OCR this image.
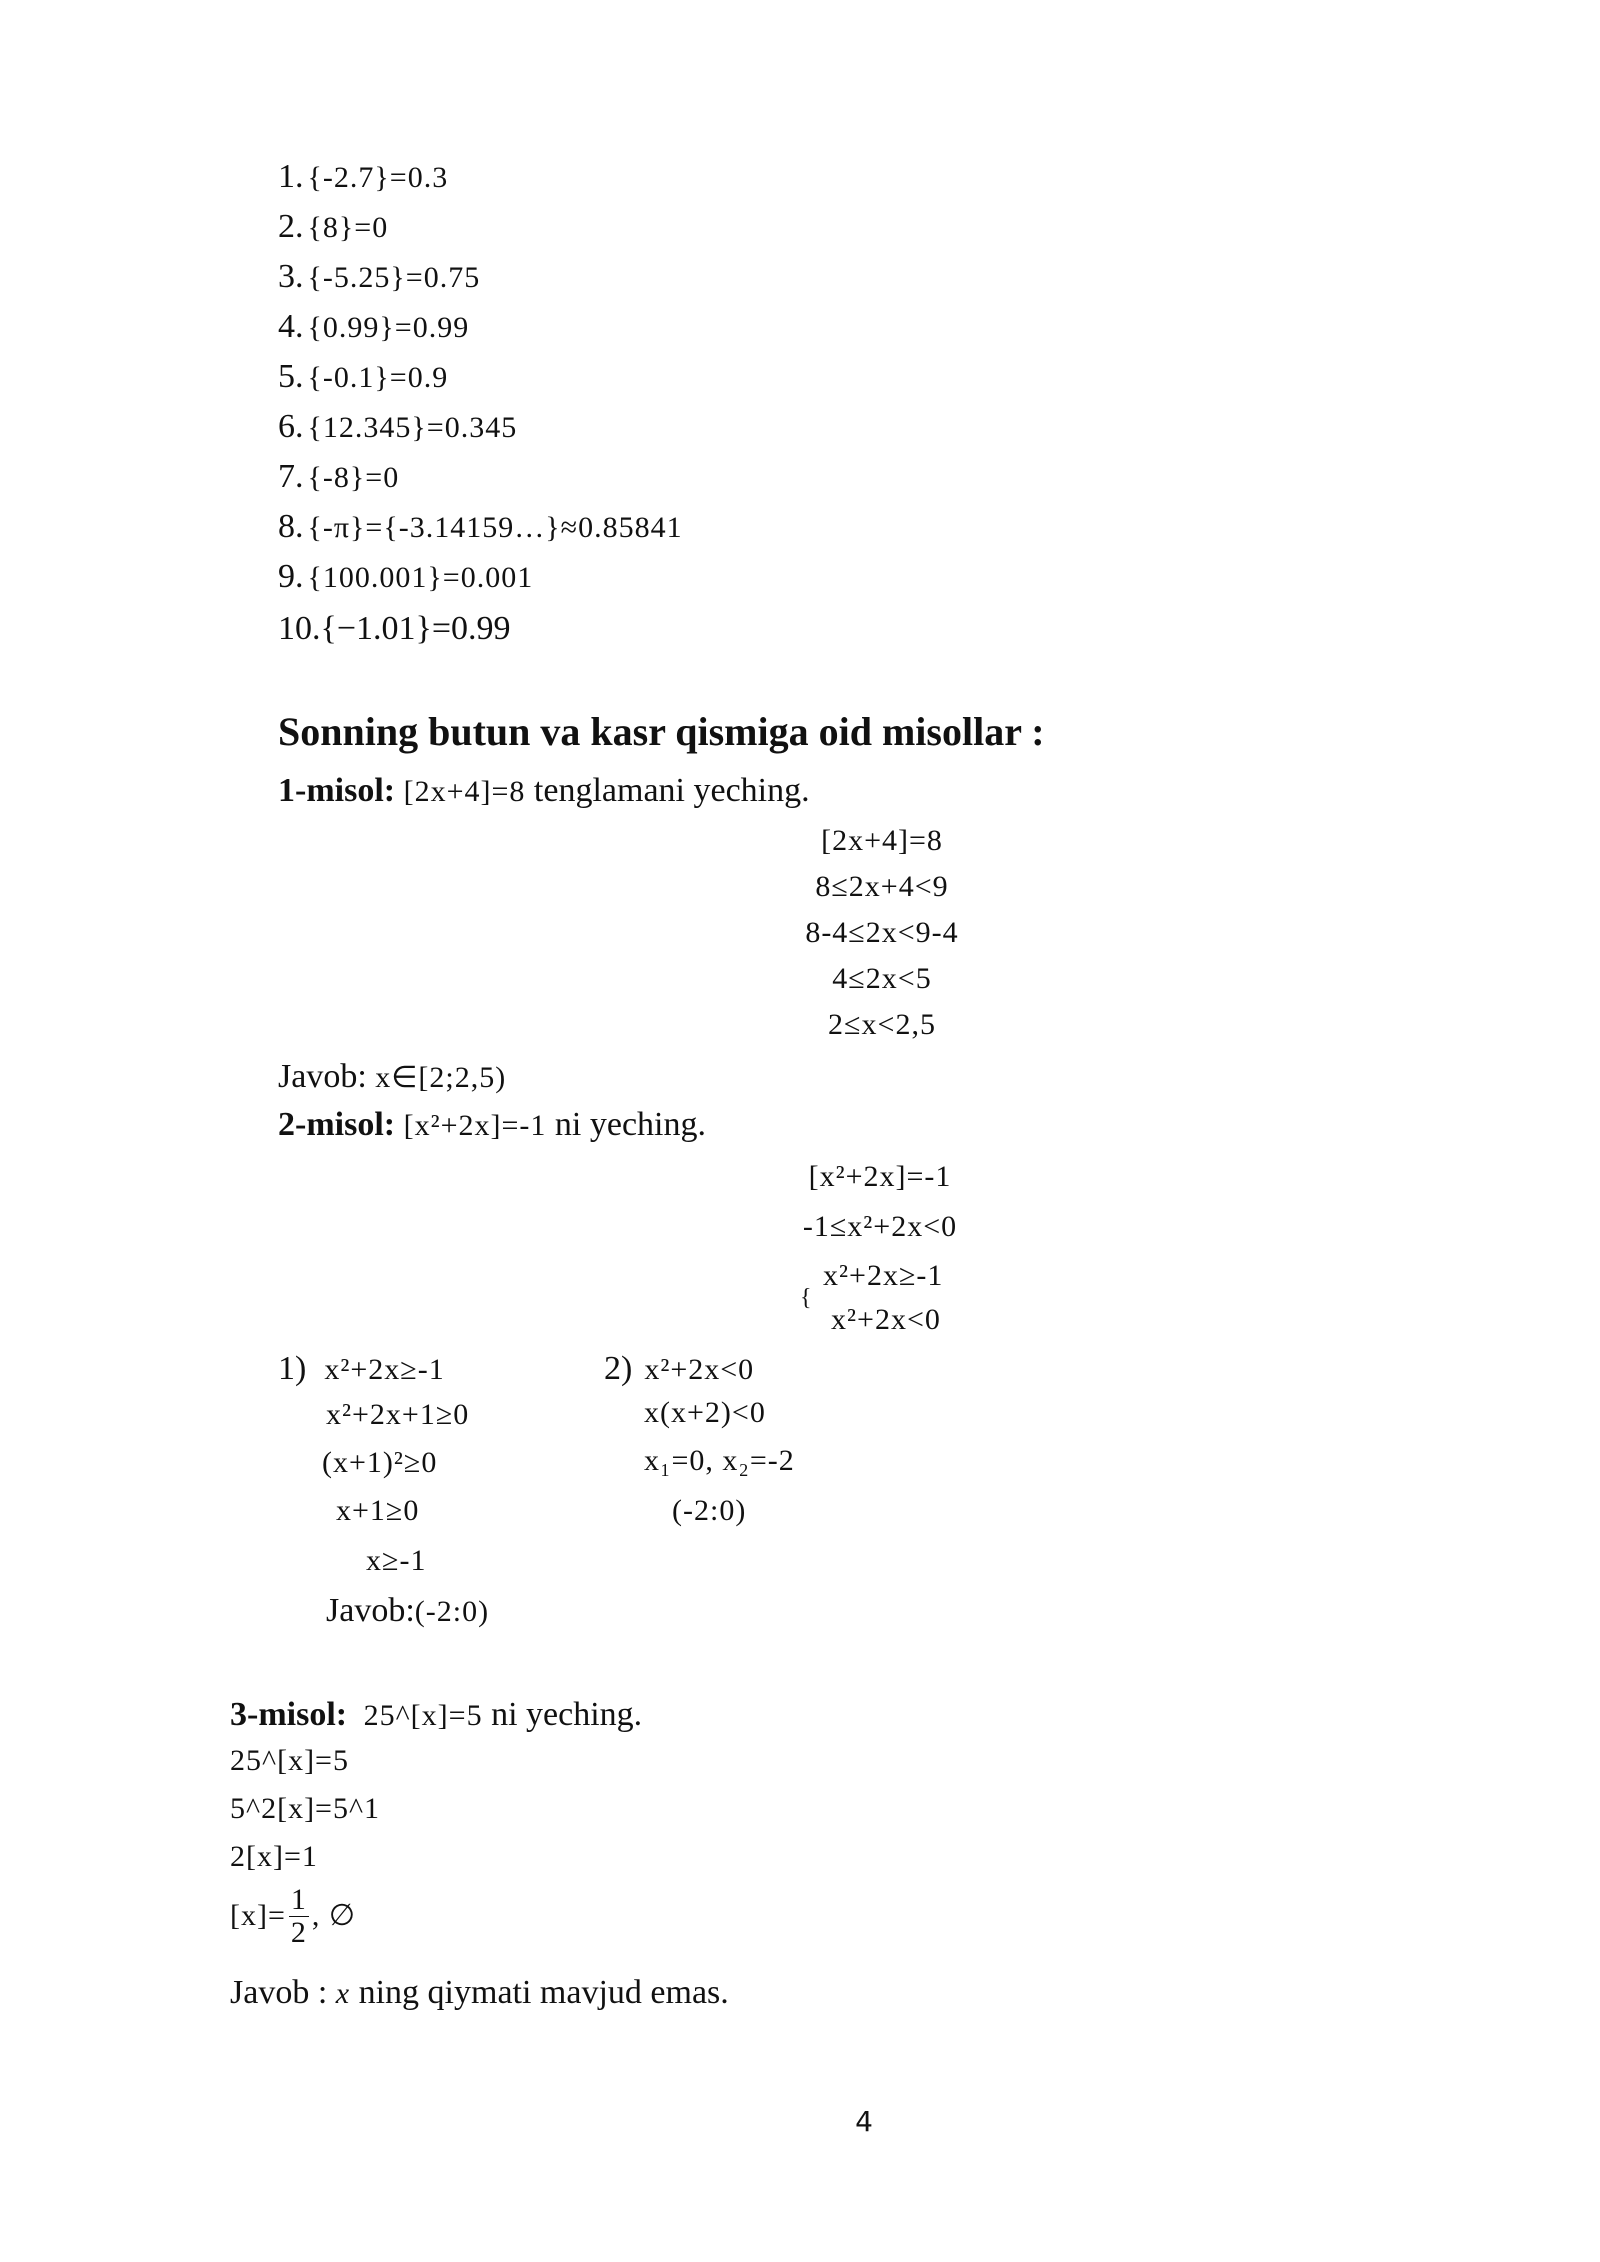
1. {-2.7}=0.3
2. {8}=0
3. {-5.25}=0.75
4. {0.99}=0.99
5. {-0.1}=0.9
6. {12.345}=0.345
7. {-8}=0
8. {-π}={-3.14159…}≈0.85841
9. {100.001}=0.001
10.{−1.01}=0.99
Sonning butun va kasr qismiga oid misollar :
1-misol: [2x+4]=8 tenglamani yeching.
[2x+4]=8
8≤2x+4<9
8-4≤2x<9-4
4≤2x<5
2≤x<2,5
Javob: x∈[2;2,5)
2-misol: [x²+2x]=-1 ni yeching.
[x²+2x]=-1
-1≤x²+2x<0
{
x²+2x≥-1
x²+2x<0
1) x²+2x≥-1
x²+2x+1≥0
(x+1)²≥0
x+1≥0
x≥-1
Javob:(-2:0)
2) x²+2x<0
x(x+2)<0
x₁=0, x₂=-2
(-2:0)
3-misol: 25^[x]=5 ni yeching.
25^[x]=5
5^2[x]=5^1
2[x]=1
$[x]= \frac{1}{2}$ , ∅
Javob : x ning qiymati mavjud emas.
4
